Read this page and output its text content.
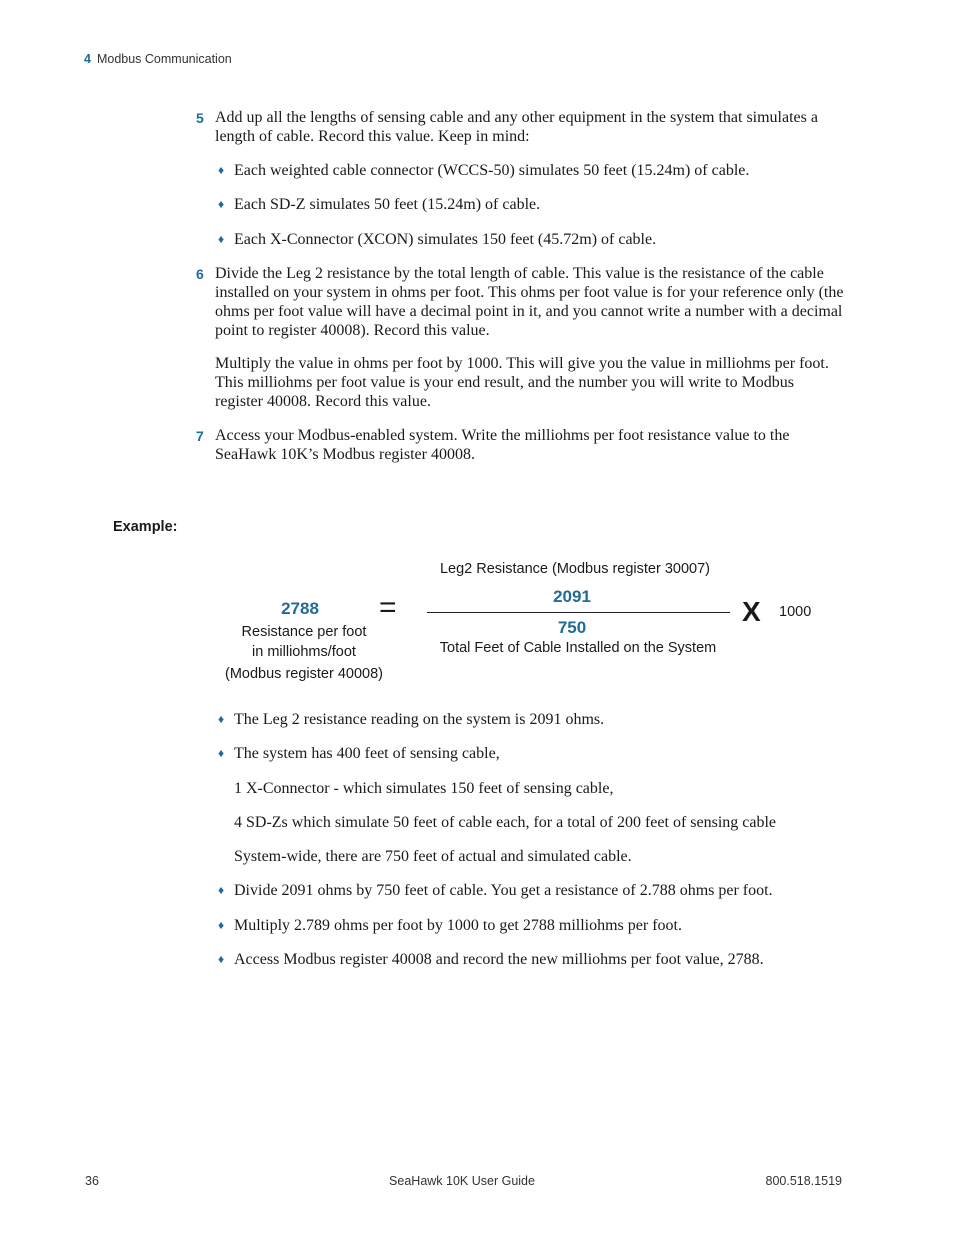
4 Modbus Communication
5 Add up all the lengths of sensing cable and any other equipment in the system that simulates a length of cable. Record this value. Keep in mind:
♦ Each weighted cable connector (WCCS-50) simulates 50 feet (15.24m) of cable.
♦ Each SD-Z simulates 50 feet (15.24m) of cable.
♦ Each X-Connector (XCON) simulates 150 feet (45.72m) of cable.
6 Divide the Leg 2 resistance by the total length of cable. This value is the resistance of the cable installed on your system in ohms per foot. This ohms per foot value is for your reference only (the ohms per foot value will have a decimal point in it, and you cannot write a number with a decimal point to register 40008). Record this value.
Multiply the value in ohms per foot by 1000. This will give you the value in milliohms per foot. This milliohms per foot value is your end result, and the number you will write to Modbus register 40008. Record this value.
7 Access your Modbus-enabled system. Write the milliohms per foot resistance value to the SeaHawk 10K’s Modbus register 40008.
Example:
Leg2 Resistance (Modbus register 30007)
2788
Resistance per foot
in milliohms/foot
(Modbus register 40008)
=	2091
750
Total Feet of Cable Installed on the System
X 1000
♦ The Leg 2 resistance reading on the system is 2091 ohms.
♦ The system has 400 feet of sensing cable,
1 X-Connector - which simulates 150 feet of sensing cable,
4 SD-Zs which simulate 50 feet of cable each, for a total of 200 feet of sensing cable
System-wide, there are 750 feet of actual and simulated cable.
♦ Divide 2091 ohms by 750 feet of cable. You get a resistance of 2.788 ohms per foot.
♦ Multiply 2.789 ohms per foot by 1000 to get 2788 milliohms per foot.
♦ Access Modbus register 40008 and record the new milliohms per foot value, 2788.
36	SeaHawk 10K User Guide	800.518.1519
